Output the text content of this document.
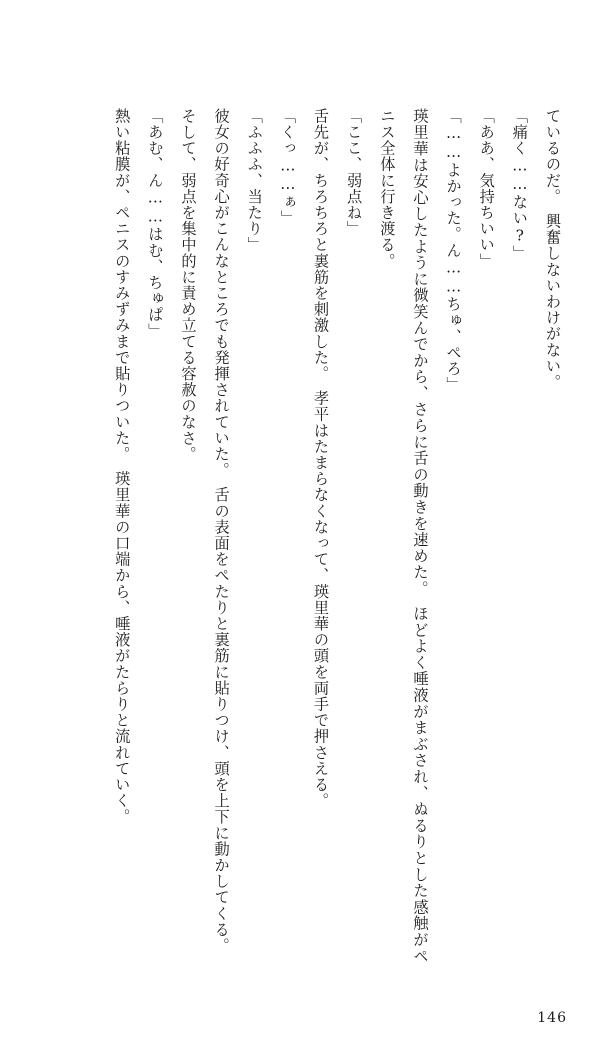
ているのだ。　興奮しないわけがない。

「痛く……ない?」

「ああ、気持ちいい」

「……よかった。ん……ちゅ、ぺろ」

瑛里華は安心したように微笑んでから、さらに舌の動きを速めた。　ほどよく唾液がまぶされ、ぬるりとした感触がペニス全体に行き渡る。

「ここ、弱点ね」

舌先が、ちろちろと裏筋を刺激した。　孝平はたまらなくなって、瑛里華の頭を両手で押さえる。

「くっ……ぁ」

「ふふふ、当たり」

彼女の好奇心がこんなところでも発揮されていた。　舌の表面をぺたりと裏筋に貼りつけ、頭を上下に動かしてくる。

そして、弱点を集中的に責め立てる容赦のなさ。

「あむ、ん……はむ、ちゅぱ」

熱い粘膜が、ペニスのすみずみまで貼りついた。　瑛里華の口端から、唾液がたらりと流れていく。

146
